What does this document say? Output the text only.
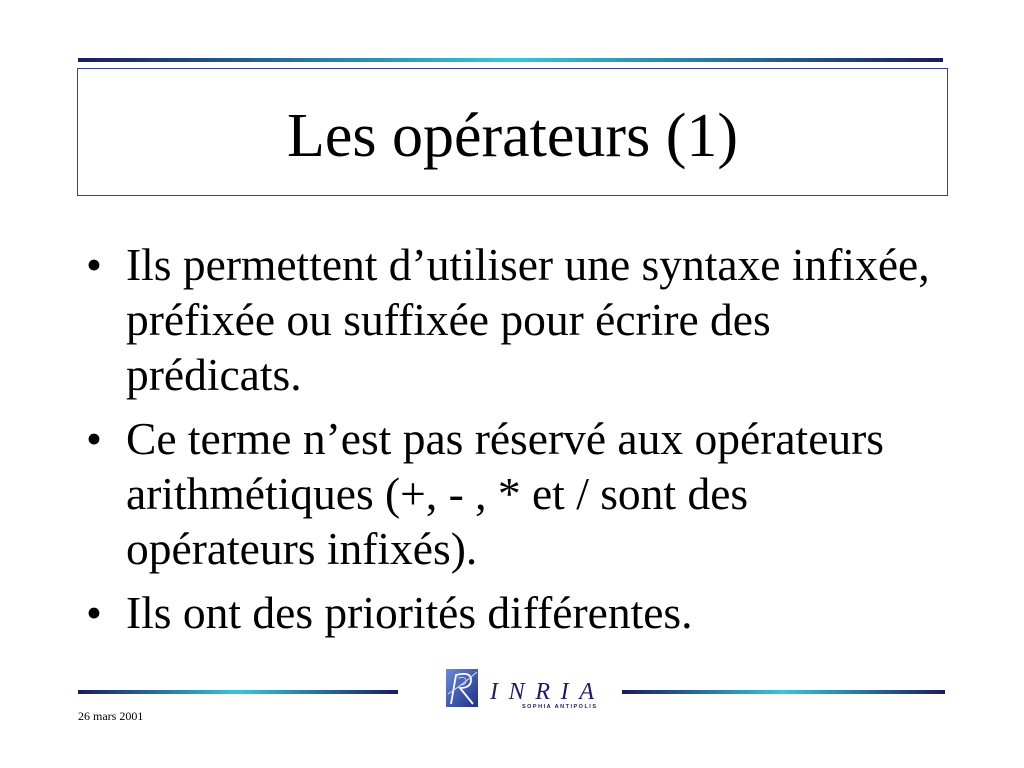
Les opérateurs (1)
• Ils permettent d’utiliser une syntaxe infixée,
préfixée ou suffixée pour écrire des
prédicats.
• Ce terme n’est pas réservé aux opérateurs
arithmétiques (+, - , * et / sont des
opérateurs infixés).
• Ils ont des priorités différentes.
INRIA
SOPHIA ANTIPOLIS
26 mars 2001
